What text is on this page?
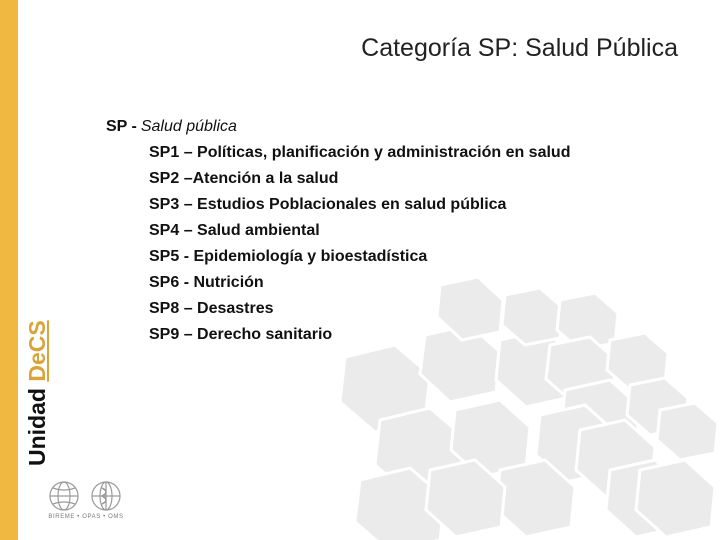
Unidad DeCS
BIREME • OPAS • OMS
Categoría SP: Salud Pública
SP - Salud pública
SP1 – Políticas, planificación y administración en salud
SP2 –Atención a la salud
SP3 – Estudios Poblacionales en salud pública
SP4 – Salud ambiental
SP5 - Epidemiología y bioestadística
SP6 - Nutrición
SP8 – Desastres
SP9 – Derecho sanitario
